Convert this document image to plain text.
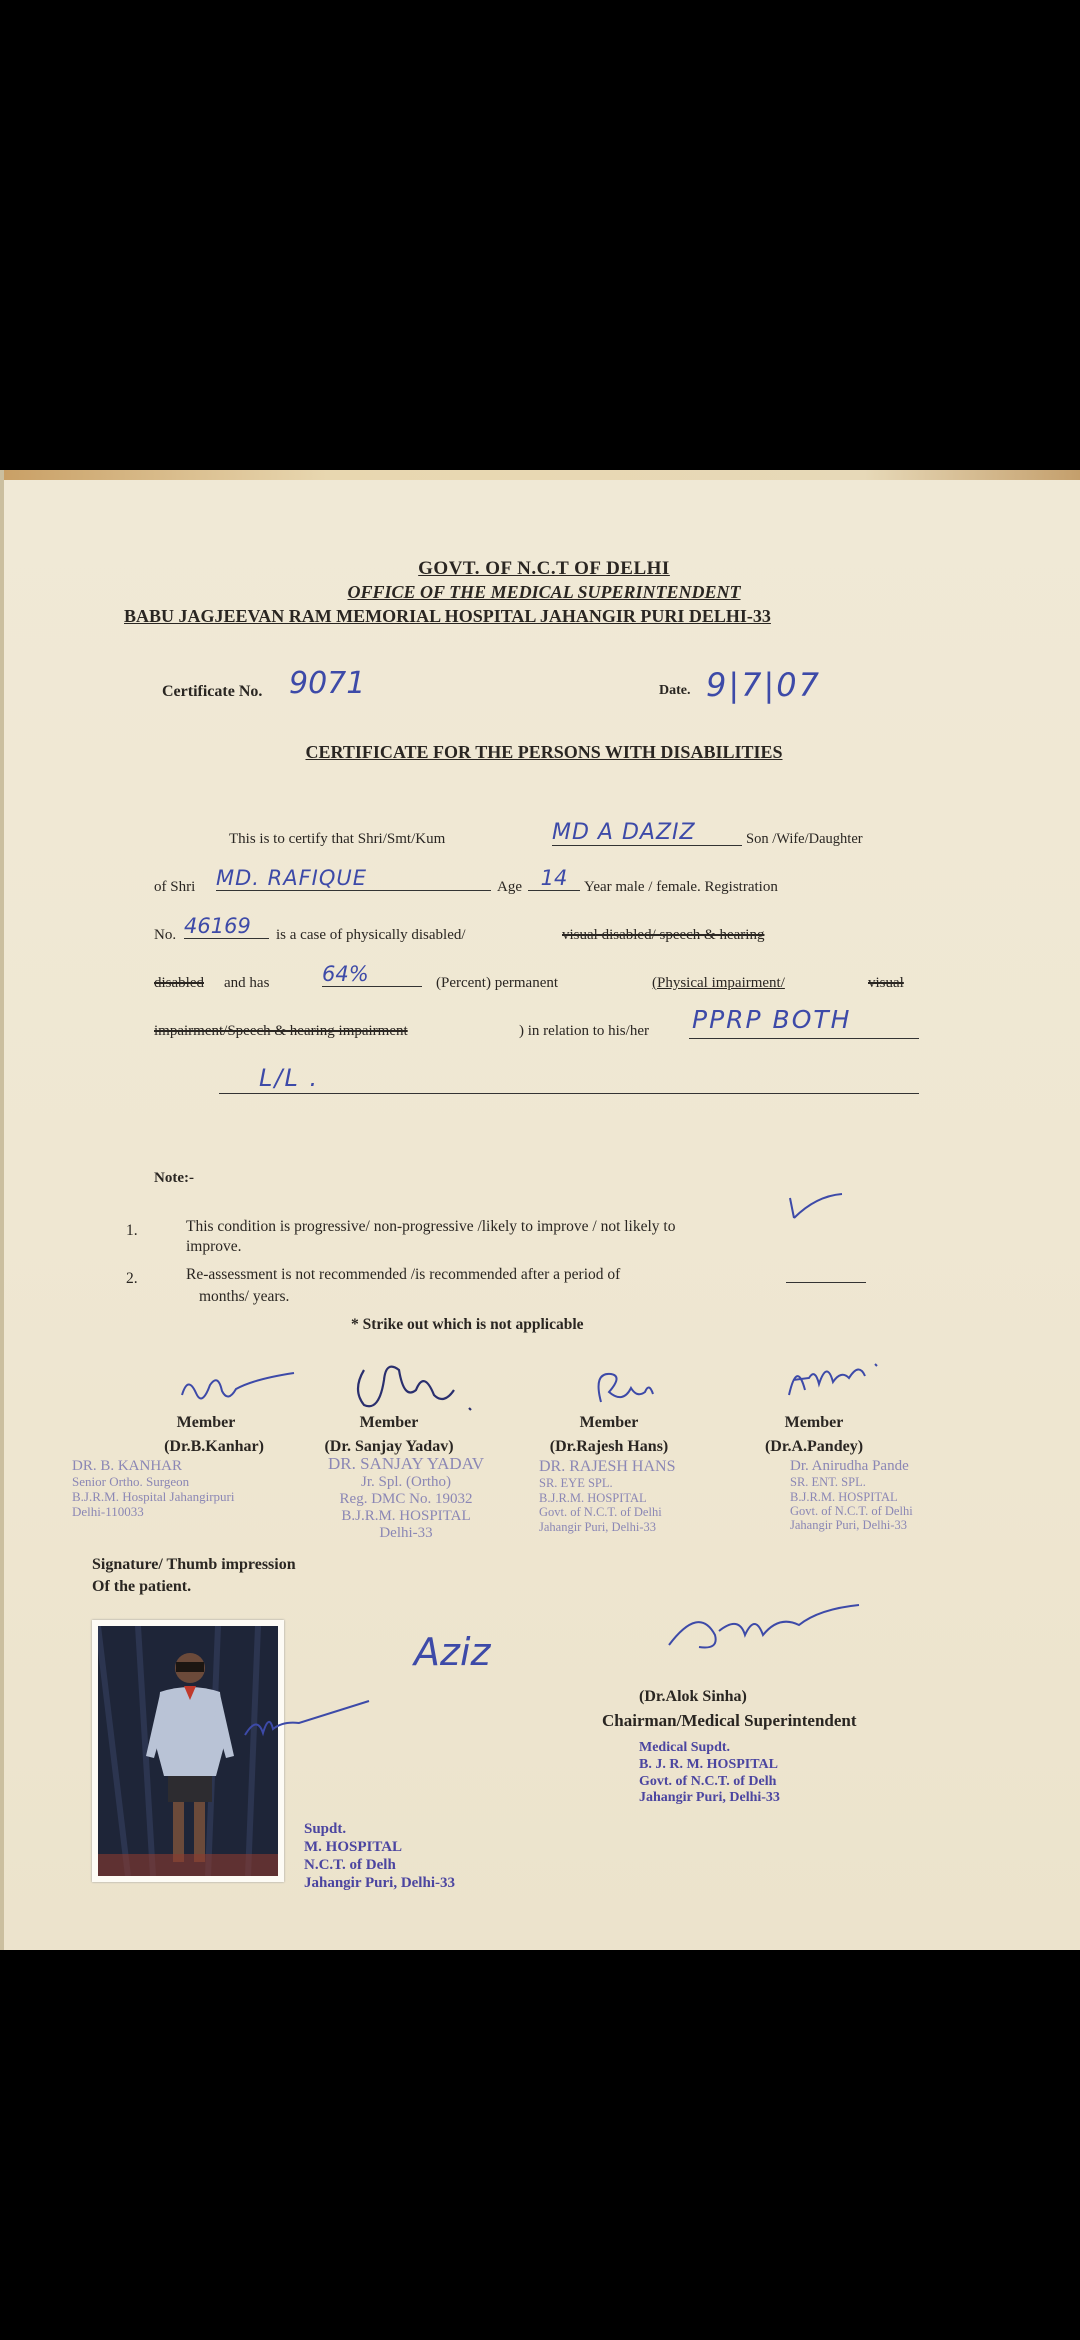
GOVT. OF N.C.T OF DELHI
OFFICE OF THE MEDICAL SUPERINTENDENT
BABU JAGJEEVAN RAM MEMORIAL HOSPITAL JAHANGIR PURI DELHI-33
Certificate No. 9071	Date. 9|7|07
CERTIFICATE FOR THE PERSONS WITH DISABILITIES
This is to certify that Shri/Smt/Kum	MD A DAZIZ	Son /Wife/Daughter
of Shri MD. RAFIQUE	Age 14	Year male / female. Registration
No. 46169	is a case of physically disabled/	visual disabled/ speech & hearing
disabled and has	64%	(Percent) permanent	(Physical impairment/	visual
impairment/Speech & hearing impairment	) in relation to his/her PPRP BOTH
L/L .
Note:-
1.	This condition is progressive/ non-progressive /likely to improve / not likely to
improve.
2.	Re-assessment is not recommended /is recommended after a period of
months/ years.
* Strike out which is not applicable
Member
(Dr.B.Kanhar)
DR. B. KANHAR
Senior Ortho. Surgeon
B.J.R.M. Hospital Jahangirpuri
Delhi-110033
Member
(Dr. Sanjay Yadav)
DR. SANJAY YADAV
Jr. Spl. (Ortho)
Reg. DMC No. 19032
B.J.R.M. HOSPITAL
Delhi-33
Member
(Dr.Rajesh Hans)
DR. RAJESH HANS
SR. EYE SPL.
B.J.R.M. HOSPITAL
Govt. of N.C.T. of Delhi
Jahangir Puri, Delhi-33
Member
(Dr.A.Pandey)
Dr. Anirudha Pande
SR. ENT. SPL.
B.J.R.M. HOSPITAL
Govt. of N.C.T. of Delhi
Jahangir Puri, Delhi-33
Signature/ Thumb impression
Of the patient.
Supdt.
M. HOSPITAL
N.C.T. of Delh
Jahangir Puri, Delhi-33
Aziz
(Dr.Alok Sinha)
Chairman/Medical Superintendent
Medical Supdt.
B. J. R. M. HOSPITAL
Govt. of N.C.T. of Delh
Jahangir Puri, Delhi-33
